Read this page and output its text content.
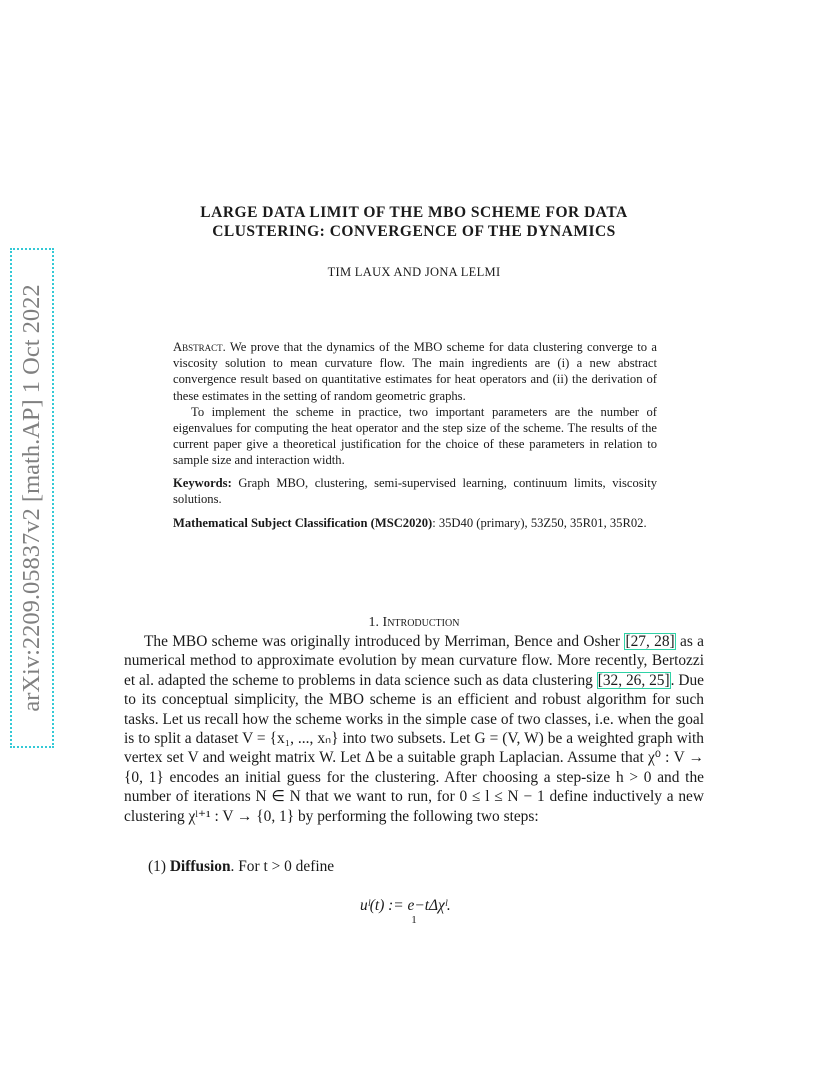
arXiv:2209.05837v2 [math.AP] 1 Oct 2022
LARGE DATA LIMIT OF THE MBO SCHEME FOR DATA
CLUSTERING: CONVERGENCE OF THE DYNAMICS
TIM LAUX AND JONA LELMI

Abstract. We prove that the dynamics of the MBO scheme for data clustering converge to a viscosity solution to mean curvature flow. The main ingredients are (i) a new abstract convergence result based on quantitative estimates for heat operators and (ii) the derivation of these estimates in the setting of random geometric graphs.

To implement the scheme in practice, two important parameters are the number of eigenvalues for computing the heat operator and the step size of the scheme. The results of the current paper give a theoretical justification for the choice of these parameters in relation to sample size and interaction width.

Keywords: Graph MBO, clustering, semi-supervised learning, continuum limits, viscosity solutions.

Mathematical Subject Classification (MSC2020): 35D40 (primary), 53Z50, 35R01, 35R02.

1. Introduction

The MBO scheme was originally introduced by Merriman, Bence and Osher [27, 28] as a numerical method to approximate evolution by mean curvature flow. More recently, Bertozzi et al. adapted the scheme to problems in data science such as data clustering [32, 26, 25]. Due to its conceptual simplicity, the MBO scheme is an efficient and robust algorithm for such tasks. Let us recall how the scheme works in the simple case of two classes, i.e. when the goal is to split a dataset V = {x₁, ..., xₙ} into two subsets. Let G = (V, W) be a weighted graph with vertex set V and weight matrix W. Let Δ be a suitable graph Laplacian. Assume that χ⁰ : V → {0, 1} encodes an initial guess for the clustering. After choosing a step-size h > 0 and the number of iterations N ∈ N that we want to run, for 0 ≤ l ≤ N − 1 define inductively a new clustering χˡ⁺¹ : V → {0, 1} by performing the following two steps:

(1) Diffusion. For t > 0 define
uˡ(t) := e−tΔχˡ.
1
